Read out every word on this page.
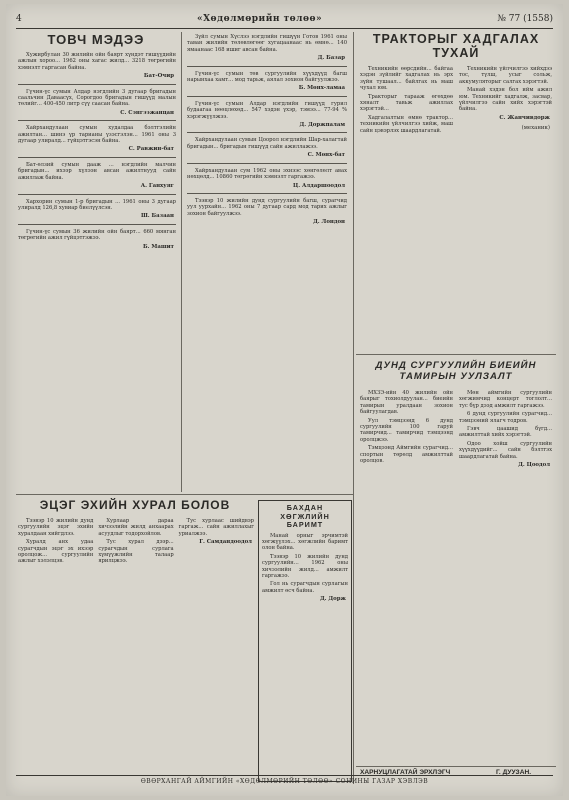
4	«Хөдөлмөрийн төлөө»	№ 77 (1558)
ТОВЧ МЭДЭЭ

Хужирбулан 30 жилийн ойн баярт хүндэт гишүүдийн ажлын хороо... 1962 оны хагас жилд... 3218 төгрөгийн хэмнэлт гаргасан байна.

Бат-Очир

Гүчин-үс сумын Алдар нэгдлийн 3 дугаар бригадын саальчин Даваасүх, Сорогдоо бригадын гишүүд малын төлийг... 400-450 литр сүү саасан байна.

С. Сэнгээжанцан

Хайрхандулаан сумын худалдаа бэлтгэлийн ажилтан... шинэ үр тарианы үзэсгэлэн... 1961 оны 3 дугаар улиралд... гүйцэтгэсэн байна.

С. Равжин-бат

Бат-өлзий сумын дааж ... нэгдлийн малчин бригадын... ихээр хүлээн авсан ажилтнууд сайн ажиллаж байна.

А. Ганхуяг

Хархорин сумын 1-р бригадын ... 1961 оны 3 дугаар улиралд 126,8 хувиар биелүүлсэн.

Ш. Базаан

Гүчин-үс сумын 36 жилийн ойн баярт... 660 мянган төгрөгийн ажил гүйцэтгэжээ.

Б. Машит

Зүйл сумын Хүслээ нэгдлийн гишүүн Готов 1961 оны таван жилийн төлөвлөгөөг хугацаанаас нь өмнө... 140 ямаанаас 168 ишиг авсан байна.

Д. Базар

Гүчин-үс сумын төв сургуулийн хүүхдүүд багш нарынхаа хамт... мод тарьж, аялал зохион байгуулжээ.

Б. Мөнх-ламаа

Гүчин-үс сумын Алдар нэгдлийн гишүүд гурил будаагаа нөөцлөхөд... 547 хэдэн үхэр, тэмээ... 77-94 % хэрэгжүүлжээ.

Д. Доржпалам

Хайрхандулаан сумын Цоорол нэгдлийн Шар-халагтай бригадын... бригадын гишүүд сайн ажиллажээ.

С. Мөнх-бат

Хайрхандулаан сум 1962 оны эхнээс хөнгөлөлт авах нөхцөлд... 10860 төгрөгийн хэмнэлт гаргажээ.

Ц. Алдаршоодол

Тээвэр 10 жилийн дунд сургуулийн багш, сурагчид уул уурхайн... 1962 оны 7 дугаар сард мод тарих ажлыг зохион байгуулжээ.

Д. Лондон
ТРАКТОРЫГ ХАДГАЛАХ ТУХАЙ

Техникийн өөрсдийн... байгаа хэдэн зүйлийг хадгалах нь эрх зүйн тушаал... байлгах нь маш чухал юм.

Тракторыг тарааж өгөхдөө хяналт тавьж ажиллах хэрэгтэй...

Хадгалалтын өмнө трактор... техникийн үйлчилгээ хийж, маш сайн цэвэрлэх шаардлагатай.

Техникийн үйлчилгээ хийхдээ тос, түлш, усыг сольж, аккумуляторыг салгах хэрэгтэй.

Манай хэдэн бол ийм ажил юм. Техникийг хадгалж, засвар, үйлчилгээ сайн хийх хэрэгтэй байна.

С. Жанчивдорж
(механик)
ДУНД СУРГУУЛИЙН БИЕИЙН ТАМИРЫН УУЛЗАЛТ

МХЗЭ-ийн 40 жилийн ойн баярыг тохиолдуулан... биеийн тамирын уралдаан зохион байгуулагдав.

Уул тэмцээнд 6 дунд сургуулийн 100 гаруй тамирчид... тамирчид тэмцээнд оролцжээ.

Тэмцээнд Аймгийн сурагчид... спортын төрөлд амжилттай оролцов.

Мөн аймгийн сургуулийн хөгжимчид концерт тоглолт... тус бүр дээд амжилт гаргажээ.

6 дунд сургуулийн сурагчид... тэмцээний ялагч тодров.

Гэвч цаашид бүгд... амжилттай хийх хэрэгтэй.

Одоо хойш сургуулийн хүүхдүүдийг... сайн бэлтгэх шаардлагатай байна.

Д. Цоодол
ХАРНУЦЛАГАТАЙ ЭРХЛЭГЧ	Г. ДУУЗАН.
ЭЦЭГ ЭХИЙН ХУРАЛ БОЛОВ

Тээвэр 10 жилийн дунд сургуулийн эцэг эхийн хуралдаан хийгдлээ.

Хуралд анх удаа сурагчдын эцэг эх ихээр оролцож... сургуулийн ажлыг хэлэлцэв.

Хурлаар дараа хичээлийн жилд анхаарах асуудлыг тодорхойлов.

Тус хурал дээр... сурагчдын сурлага хүмүүжлийн талаар ярилцжээ.

Тус хурлаас шийдвэр гаргаж... сайн ажиллахыг уриалжээ.

Г. Самдандоодол
БАХДАН ХӨГЖЛИЙН БАРИМТ

Манай орныг эрчимтэй хөгжүүлэх... хөгжлийн баримт олон байна.

Тээвэр 10 жилийн дунд сургуулийн... 1962 оны хичээлийн жилд... амжилт гаргажээ.

Гол нь сурагчдын сурлагын амжилт өсч байна.

Д. Дорж
ӨВӨРХАНГАЙ АЙМГИЙН «ХӨДӨЛМӨРИЙН ТӨЛӨӨ» СОНИНЫ ГАЗАР ХЭВЛЭВ
